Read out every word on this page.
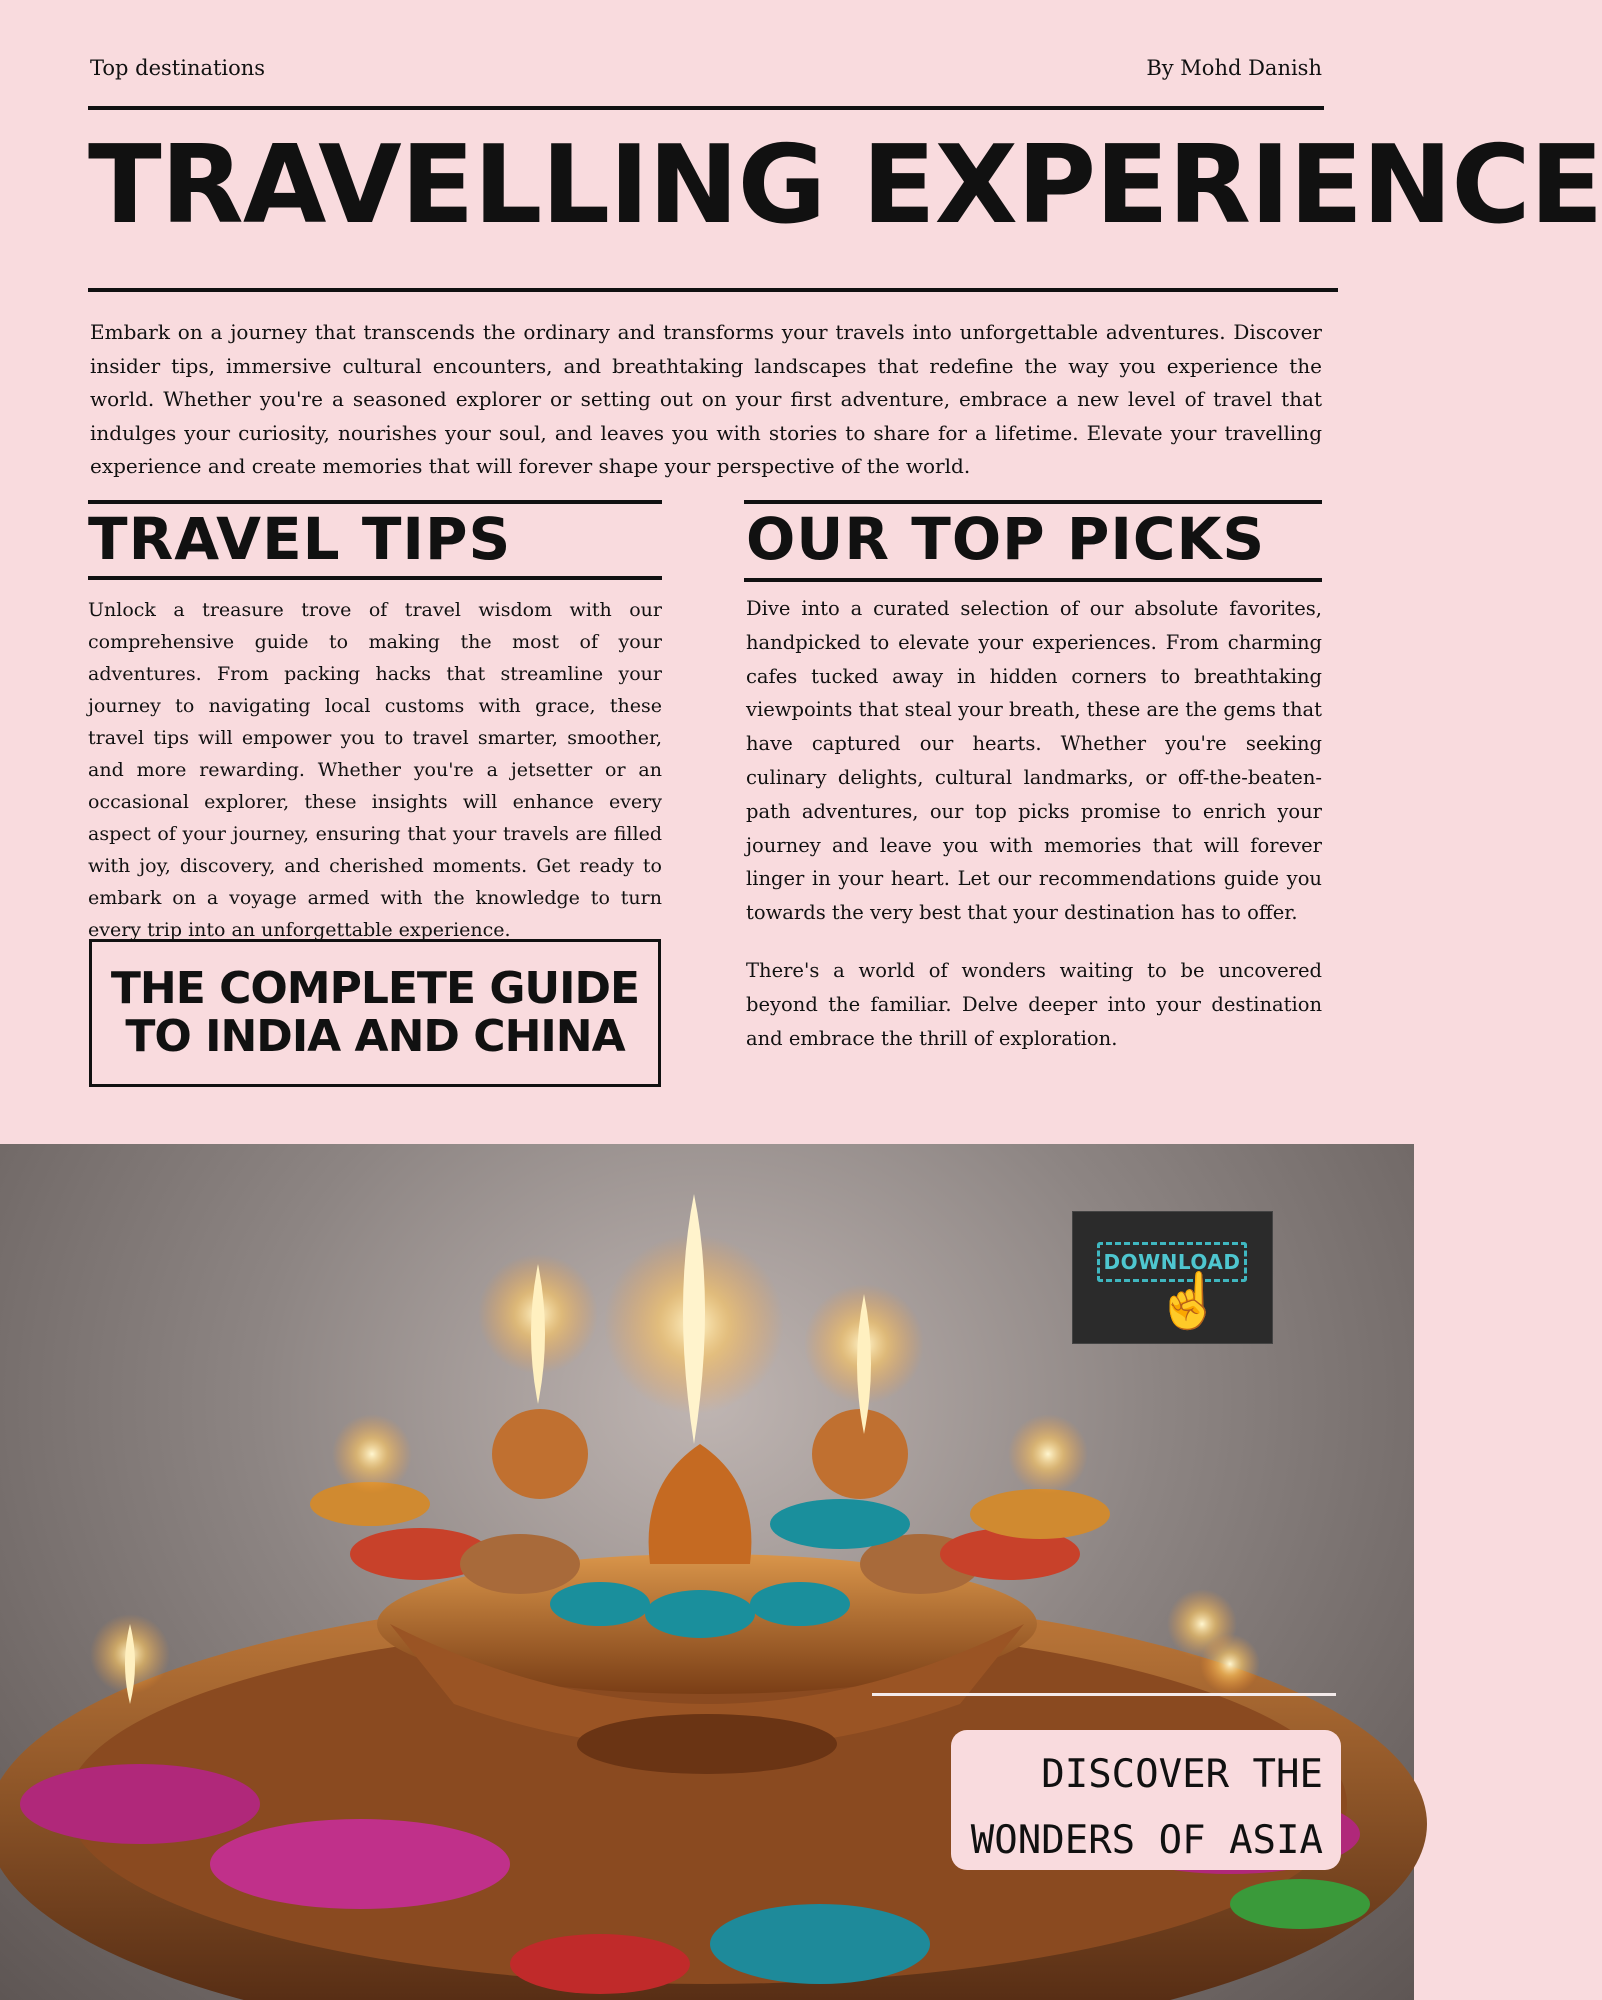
Top destinations	By Mohd Danish
TRAVELLING EXPERIENCE

Embark on a journey that transcends the ordinary and transforms your travels into unforgettable adventures. Discover insider tips, immersive cultural encounters, and breathtaking landscapes that redefine the way you experience the world. Whether you're a seasoned explorer or setting out on your first adventure, embrace a new level of travel that indulges your curiosity, nourishes your soul, and leaves you with stories to share for a lifetime. Elevate your travelling experience and create memories that will forever shape your perspective of the world.

TRAVEL TIPS

Unlock a treasure trove of travel wisdom with our comprehensive guide to making the most of your adventures. From packing hacks that streamline your journey to navigating local customs with grace, these travel tips will empower you to travel smarter, smoother, and more rewarding. Whether you're a jetsetter or an occasional explorer, these insights will enhance every aspect of your journey, ensuring that your travels are filled with joy, discovery, and cherished moments. Get ready to embark on a voyage armed with the knowledge to turn every trip into an unforgettable experience.

THE COMPLETE GUIDE
TO INDIA AND CHINA
OUR TOP PICKS

Dive into a curated selection of our absolute favorites, handpicked to elevate your experiences. From charming cafes tucked away in hidden corners to breathtaking viewpoints that steal your breath, these are the gems that have captured our hearts. Whether you're seeking culinary delights, cultural landmarks, or off-the-beaten-path adventures, our top picks promise to enrich your journey and leave you with memories that will forever linger in your heart. Let our recommendations guide you towards the very best that your destination has to offer.

There's a world of wonders waiting to be uncovered beyond the familiar. Delve deeper into your destination and embrace the thrill of exploration.

DOWNLOAD
☝
DISCOVER THE
WONDERS OF ASIA
